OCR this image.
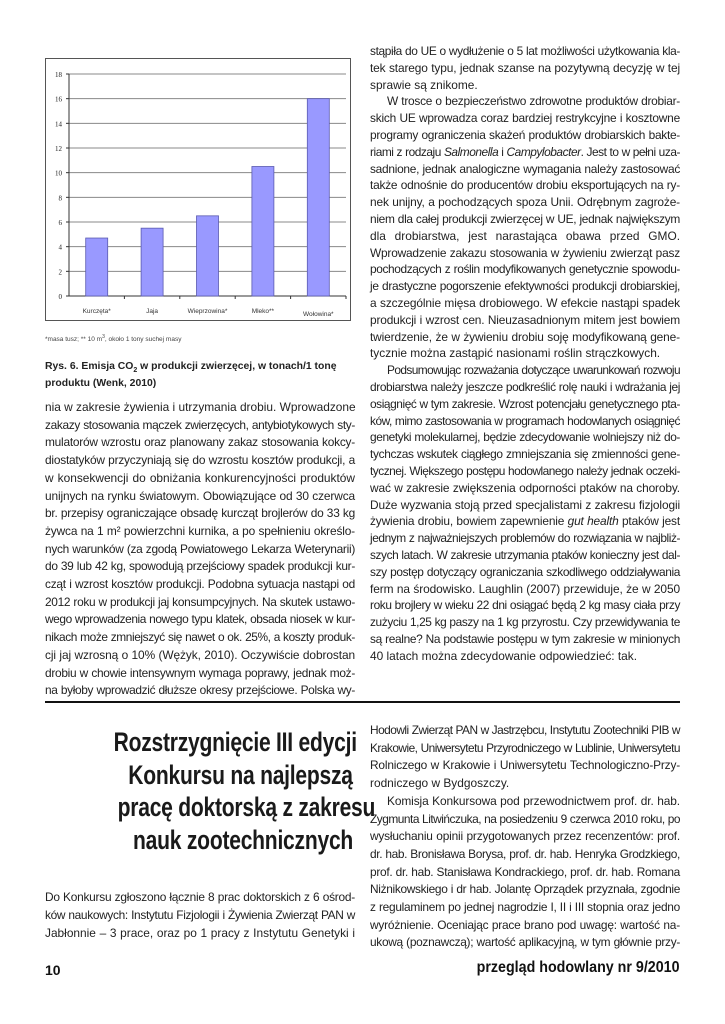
0
2
4
6
8
10
12
14
16
18
Kurczęta*	Jaja	Wieprzowina*	Mleko**	Wołowina*
*masa tusz; ** 10 $m^3$, około 1 tony suchej masy
Rys. 6. Emisja $CO_2$ w produkcji zwierzęcej, w tonach/1 tonę produktu (Wenk, 2010)
nia w zakresie żywienia i utrzymania drobiu. Wprowadzone
zakazy stosowania mączek zwierzęcych, antybiotykowych sty-
mulatorów wzrostu oraz planowany zakaz stosowania kokcy-
diostatyków przyczyniają się do wzrostu kosztów produkcji, a
w konsekwencji do obniżania konkurencyjności produktów
unijnych na rynku światowym. Obowiązujące od 30 czerwca
br. przepisy ograniczające obsadę kurcząt brojlerów do 33 kg
żywca na 1 m² powierzchni kurnika, a po spełnieniu określo-
nych warunków (za zgodą Powiatowego Lekarza Weterynarii)
do 39 lub 42 kg, spowodują przejściowy spadek produkcji kur-
cząt i wzrost kosztów produkcji. Podobna sytuacja nastąpi od
2012 roku w produkcji jaj konsumpcyjnych. Na skutek ustawo-
wego wprowadzenia nowego typu klatek, obsada niosek w kur-
nikach może zmniejszyć się nawet o ok. 25%, a koszty produk-
cji jaj wzrosną o 10% (Wężyk, 2010). Oczywiście dobrostan
drobiu w chowie intensywnym wymaga poprawy, jednak moż-
na byłoby wprowadzić dłuższe okresy przejściowe. Polska wy-
stąpiła do UE o wydłużenie o 5 lat możliwości użytkowania kla-
tek starego typu, jednak szanse na pozytywną decyzję w tej
sprawie są znikome.
W trosce o bezpieczeństwo zdrowotne produktów drobiar-
skich UE wprowadza coraz bardziej restrykcyjne i kosztowne
programy ograniczenia skażeń produktów drobiarskich bakte-
riami z rodzaju Salmonella i Campylobacter. Jest to w pełni uza-
sadnione, jednak analogiczne wymagania należy zastosować
także odnośnie do producentów drobiu eksportujących na ry-
nek unijny, a pochodzących spoza Unii. Odrębnym zagroże-
niem dla całej produkcji zwierzęcej w UE, jednak największym
dla drobiarstwa, jest narastająca obawa przed GMO.
Wprowadzenie zakazu stosowania w żywieniu zwierząt pasz
pochodzących z roślin modyfikowanych genetycznie spowodu-
je drastyczne pogorszenie efektywności produkcji drobiarskiej,
a szczególnie mięsa drobiowego. W efekcie nastąpi spadek
produkcji i wzrost cen. Nieuzasadnionym mitem jest bowiem
twierdzenie, że w żywieniu drobiu soję modyfikowaną gene-
tycznie można zastąpić nasionami roślin strączkowych.
Podsumowując rozważania dotyczące uwarunkowań rozwoju
drobiarstwa należy jeszcze podkreślić rolę nauki i wdrażania jej
osiągnięć w tym zakresie. Wzrost potencjału genetycznego pta-
ków, mimo zastosowania w programach hodowlanych osiągnięć
genetyki molekularnej, będzie zdecydowanie wolniejszy niż do-
tychczas wskutek ciągłego zmniejszania się zmienności gene-
tycznej. Większego postępu hodowlanego należy jednak oczeki-
wać w zakresie zwiększenia odporności ptaków na choroby.
Duże wyzwania stoją przed specjalistami z zakresu fizjologii
żywienia drobiu, bowiem zapewnienie gut health ptaków jest
jednym z najważniejszych problemów do rozwiązania w najbliż-
szych latach. W zakresie utrzymania ptaków konieczny jest dal-
szy postęp dotyczący ograniczania szkodliwego oddziaływania
ferm na środowisko. Laughlin (2007) przewiduje, że w 2050
roku brojlery w wieku 22 dni osiągać będą 2 kg masy ciała przy
zużyciu 1,25 kg paszy na 1 kg przyrostu. Czy przewidywania te
są realne? Na podstawie postępu w tym zakresie w minionych
40 latach można zdecydowanie odpowiedzieć: tak.
Rozstrzygnięcie III edycji
Konkursu na najlepszą
pracę doktorską z zakresu
nauk zootechnicznych
Do Konkursu zgłoszono łącznie 8 prac doktorskich z 6 ośrod-
ków naukowych: Instytutu Fizjologii i Żywienia Zwierząt PAN w
Jabłonnie – 3 prace, oraz po 1 pracy z Instytutu Genetyki i
Hodowli Zwierząt PAN w Jastrzębcu, Instytutu Zootechniki PIB w
Krakowie, Uniwersytetu Przyrodniczego w Lublinie, Uniwersytetu
Rolniczego w Krakowie i Uniwersytetu Technologiczno-Przy-
rodniczego w Bydgoszczy.
Komisja Konkursowa pod przewodnictwem prof. dr. hab.
Zygmunta Litwińczuka, na posiedzeniu 9 czerwca 2010 roku, po
wysłuchaniu opinii przygotowanych przez recenzentów: prof.
dr. hab. Bronisława Borysa, prof. dr. hab. Henryka Grodzkiego,
prof. dr. hab. Stanisława Kondrackiego, prof. dr. hab. Romana
Niżnikowskiego i dr hab. Jolantę Oprządek przyznała, zgodnie
z regulaminem po jednej nagrodzie I, II i III stopnia oraz jedno
wyróżnienie. Oceniając prace brano pod uwagę: wartość na-
ukową (poznawczą); wartość aplikacyjną, w tym głównie przy-
10	przegląd hodowlany nr 9/2010
